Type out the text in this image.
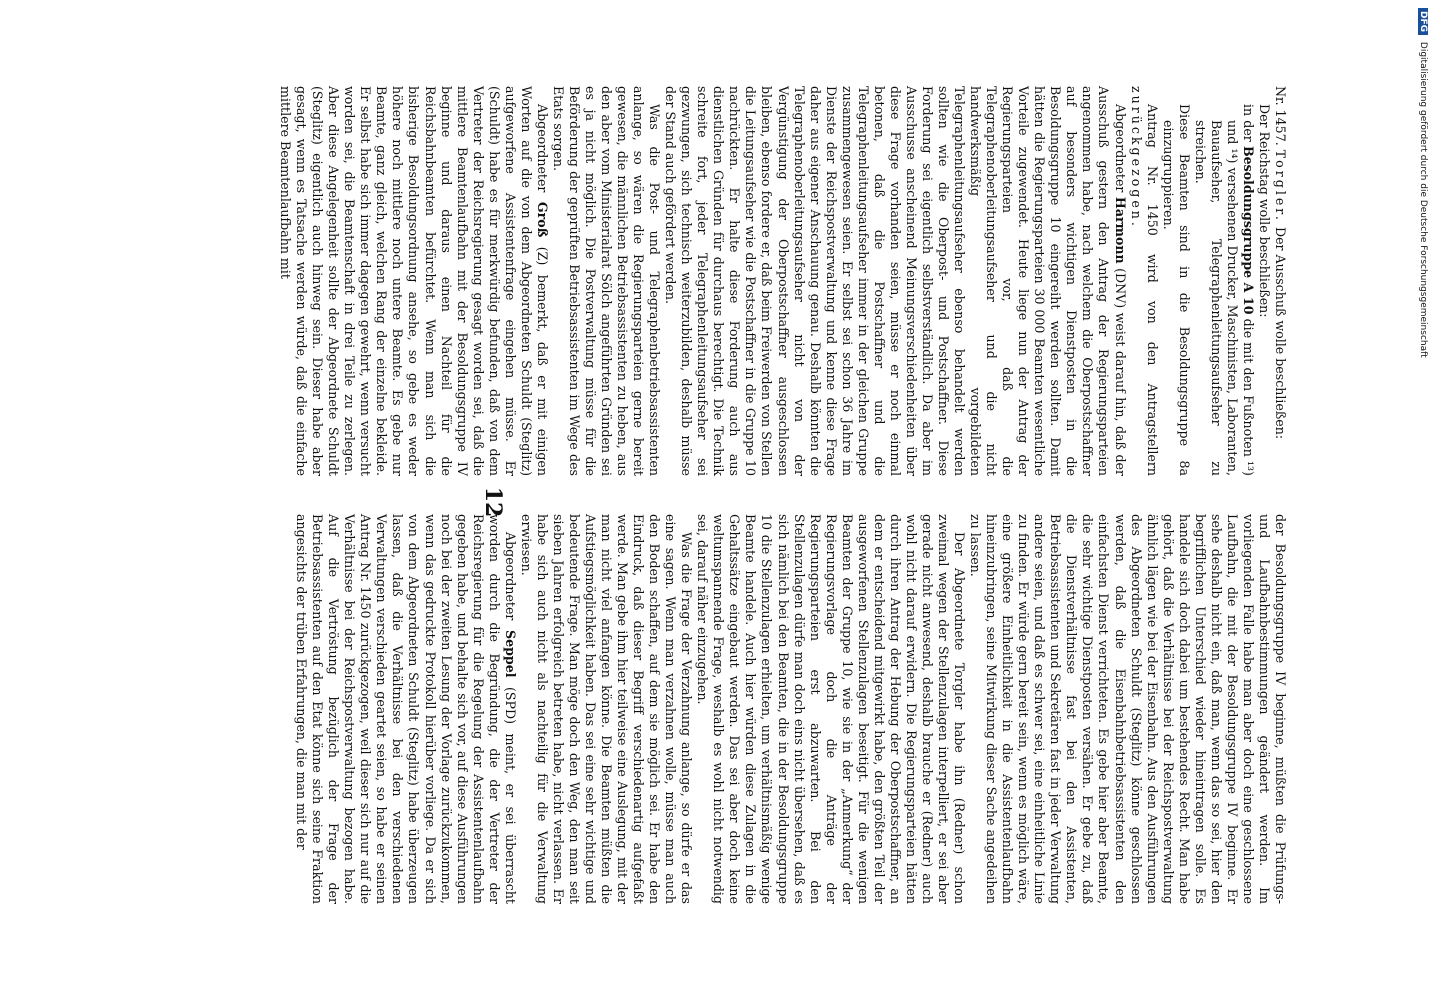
12

Nr. 1457. Torgler. Der Ausschuß wolle beschließen:

Der Reichstag wolle beschließen:

in der Besoldungsgruppe A 10 die mit den Fußnoten ¹³) und ¹⁴) versehenen Drucker, Maschinisten, Laboranten, Bauaufseher, Telegraphenleitungsaufseher zu streichen.

Diese Beamten sind in die Besoldungsgruppe 8a einzugruppieren.

Antrag Nr. 1450 wird von den Antragstellern zurückgezogen.

Abgeordneter Harmonn (DNV) weist darauf hin, daß der Ausschuß gestern den Antrag der Regierungsparteien angenommen habe, nach welchem die Oberpostschaffner auf besonders wichtigen Dienstposten in die Besoldungsgruppe 10 eingereiht werden sollten. Damit hätten die Regierungsparteien 30 000 Beamten wesentliche Vorteile zugewendet. Heute liege nun der Antrag der Regierungsparteien vor, daß die Telegraphenoberleitungsaufseher und die nicht handwerksmäßig vorgebildeten Telegraphenleitungsaufseher ebenso behandelt werden sollten wie die Oberpost- und Postschaffner. Diese Forderung sei eigentlich selbstverständlich. Da aber im Ausschusse anscheinend Meinungsverschiedenheiten über diese Frage vorhanden seien, müsse er noch einmal betonen, daß die Postschaffner und die Telegraphenleitungsaufseher immer in der gleichen Gruppe zusammengewesen seien. Er selbst sei schon 36 Jahre im Dienste der Reichspostverwaltung und kenne diese Frage daher aus eigener Anschauung genau. Deshalb könnten die Telegraphenoberleitungsaufseher nicht von der Vergünstigung der Oberpostschaffner ausgeschlossen bleiben, ebenso fordere er, daß beim Freiwerden von Stellen die Leitungsaufseher wie die Postschaffner in die Gruppe 10 nachrückten. Er halte diese Forderung auch aus dienstlichen Gründen für durchaus berechtigt. Die Technik schreite fort, jeder Telegraphenleitungsaufseher sei gezwungen, sich technisch weiterzubilden, deshalb müsse der Stand auch gefördert werden.

Was die Post- und Telegraphenbetriebsassistenten anlange, so wären die Regierungsparteien gerne bereit gewesen, die männlichen Betriebsassistenten zu heben, aus den aber vom Ministerialrat Sölch angeführten Gründen sei es ja nicht möglich. Die Postverwaltung müsse für die Beförderung der geprüften Betriebsassistenten im Wege des Etats sorgen.

Abgeordneter Groß (Z) bemerkt, daß er mit einigen Worten auf die von dem Abgeordneten Schuldt (Steglitz) aufgeworfene Assistentenfrage eingehen müsse. Er (Schuldt) habe es für merkwürdig befunden, daß von dem Vertreter der Reichsregierung gesagt worden sei, daß die mittlere Beamtenlaufbahn mit der Besoldungsgruppe IV beginne und daraus einen Nachteil für die Reichsbahnbeamten befürchtet. Wenn man sich die bisherige Besoldungsordnung ansehe, so gebe es weder höhere noch mittlere noch untere Beamte. Es gebe nur Beamte, ganz gleich, welchen Rang der einzelne bekleide. Er selbst habe sich immer dagegen gewehrt, wenn versucht worden sei, die Beamtenschaft in drei Teile zu zerlegen. Aber diese Angelegenheit sollte der Abgeordnete Schuldt (Steglitz) eigentlich auch hinweg sein. Dieser habe aber gesagt, wenn es Tatsache werden würde, daß die einfache mittlere Beamtenlaufbahn mit

der Besoldungsgruppe IV beginne, müßten die Prüfungs- und Laufbahnbestimmungen geändert werden. Im vorliegenden Falle habe man aber doch eine geschlossene Laufbahn, die mit der Besoldungsgruppe IV beginne. Er sehe deshalb nicht ein, daß man, wenn das so sei, hier den begrifflichen Unterschied wieder hineintragen solle. Es handele sich doch dabei um bestehendes Recht. Man habe gehört, daß die Verhältnisse bei der Reichspostverwaltung ähnlich lägen wie bei der Eisenbahn. Aus den Ausführungen des Abgeordneten Schuldt (Steglitz) könne geschlossen werden, daß die Eisenbahnbetriebsassistenten den einfachsten Dienst verrichteten. Es gebe hier aber Beamte, die sehr wichtige Dienstposten versähen. Er gebe zu, daß die Dienstverhältnisse fast bei den Assistenten, Betriebsassistenten und Sekretären fast in jeder Verwaltung andere seien, und daß es schwer sei, eine einheitliche Linie zu finden. Er würde gern bereit sein, wenn es möglich wäre, eine größere Einheitlichkeit in die Assistentenlaufbahn hineinzubringen, seine Mitwirkung dieser Sache angedeihen zu lassen.

Der Abgeordnete Torgler habe ihn (Redner) schon zweimal wegen der Stellenzulagen interpelliert, er sei aber gerade nicht anwesend, deshalb brauche er (Redner) auch wohl nicht darauf erwidern. Die Regierungsparteien hätten durch ihren Antrag der Hebung der Oberpostschaffner, an dem er entscheidend mitgewirkt habe, den größten Teil der ausgeworfenen Stellenzulagen beseitigt. Für die wenigen Beamten der Gruppe 10, wie sie in der „Anmerkung“ der Regierungsvorlage doch die Anträge der Regierungsparteien erst abzuwarten. Bei den Stellenzulagen dürfe man doch eins nicht übersehen, daß es sich nämlich bei den Beamten, die in der Besoldungsgruppe 10 die Stellenzulagen erhielten, um verhältnismäßig wenige Beamte handele. Auch hier würden diese Zulagen in die Gehaltssätze eingebaut werden. Das sei aber doch keine weltumspannende Frage, weshalb es wohl nicht notwendig sei, darauf näher einzugehen.

Was die Frage der Verzahnung anlange, so dürfe er das eine sagen. Wenn man verzahnen wolle, müsse man auch den Boden schaffen, auf dem sie möglich sei. Er habe den Eindruck, daß dieser Begriff verschiedenartig aufgefaßt werde. Man gebe ihm hier teilweise eine Auslegung, mit der man nicht viel anfangen könne. Die Beamten müßten die Aufstiegsmöglichkeit haben. Das sei eine sehr wichtige und bedeutende Frage. Man möge doch den Weg, den man seit sieben Jahren erfolgreich betreten habe, nicht verlassen. Er habe sich auch nicht als nachteilig für die Verwaltung erwiesen.

Abgeordneter Seppel (SPD) meint, er sei überrascht worden durch die Begründung, die der Vertreter der Reichsregierung für die Regelung der Assistentenlaufbahn gegeben habe, und behalte sich vor, auf diese Ausführungen noch bei der zweiten Lesung der Vorlage zurückzukommen, wenn das gedruckte Protokoll hierüber vorliege. Da er sich von dem Abgeordneten Schuldt (Steglitz) habe überzeugen lassen, daß die Verhältnisse bei den verschiedenen Verwaltungen verschieden geartet seien, so habe er seinen Antrag Nr. 1450 zurückgezogen, weil dieser sich nur auf die Verhältnisse bei der Reichspostverwaltung bezogen habe. Auf die Vertröstung bezüglich der Frage der Betriebsassistenten auf den Etat könne sich seine Fraktion angesichts der trüben Erfahrungen, die man mit der

DFG Digitalisierung gefördert durch die Deutsche Forschungsgemeinschaft
